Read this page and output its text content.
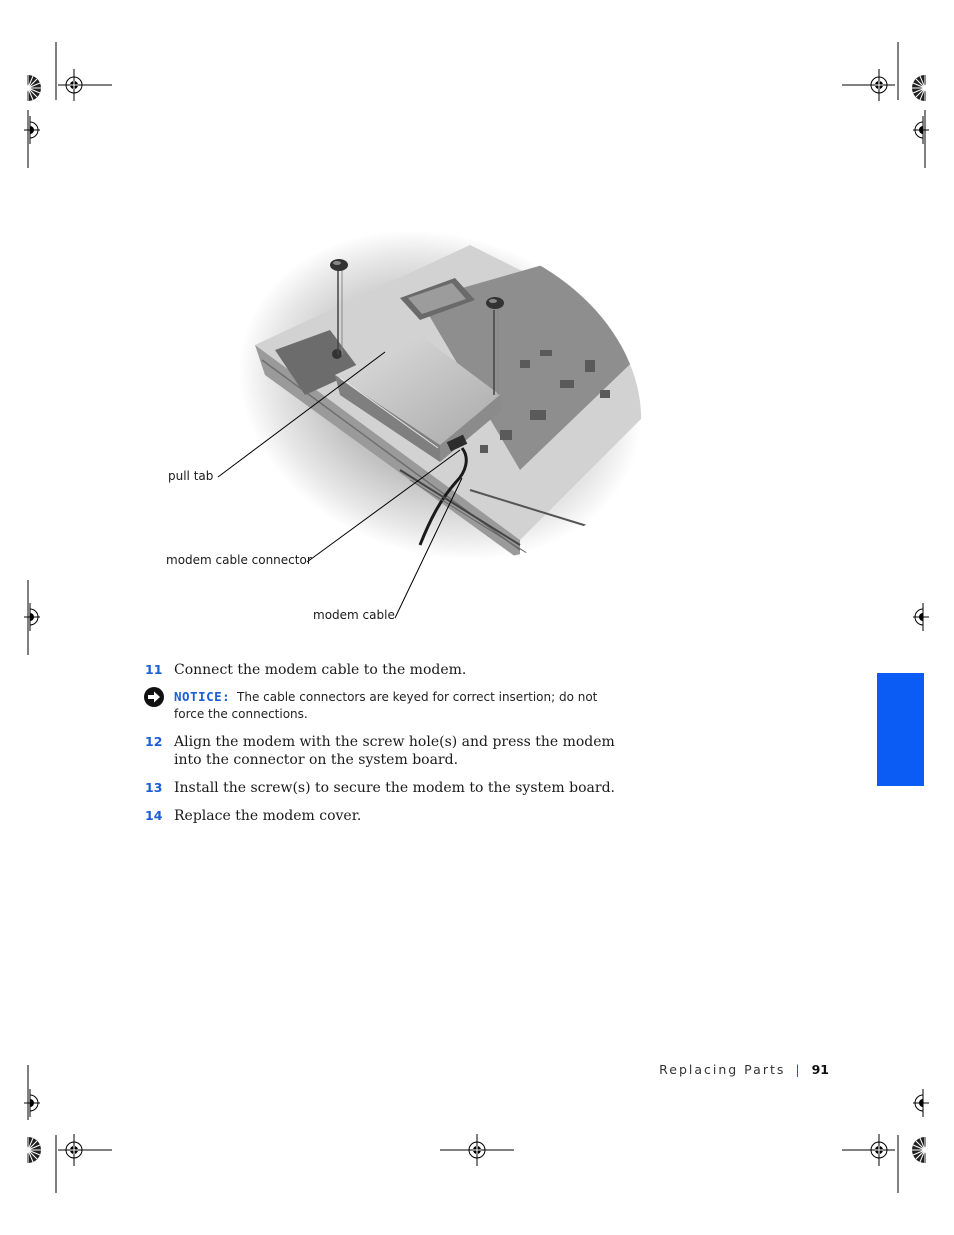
pull tab
modem cable connector
modem cable
11 Connect the modem cable to the modem.
NOTICE: The cable connectors are keyed for correct insertion; do not force the connections.
12 Align the modem with the screw hole(s) and press the modem into the connector on the system board.
13 Install the screw(s) to secure the modem to the system board.
14 Replace the modem cover.
Replacing Parts | 91
